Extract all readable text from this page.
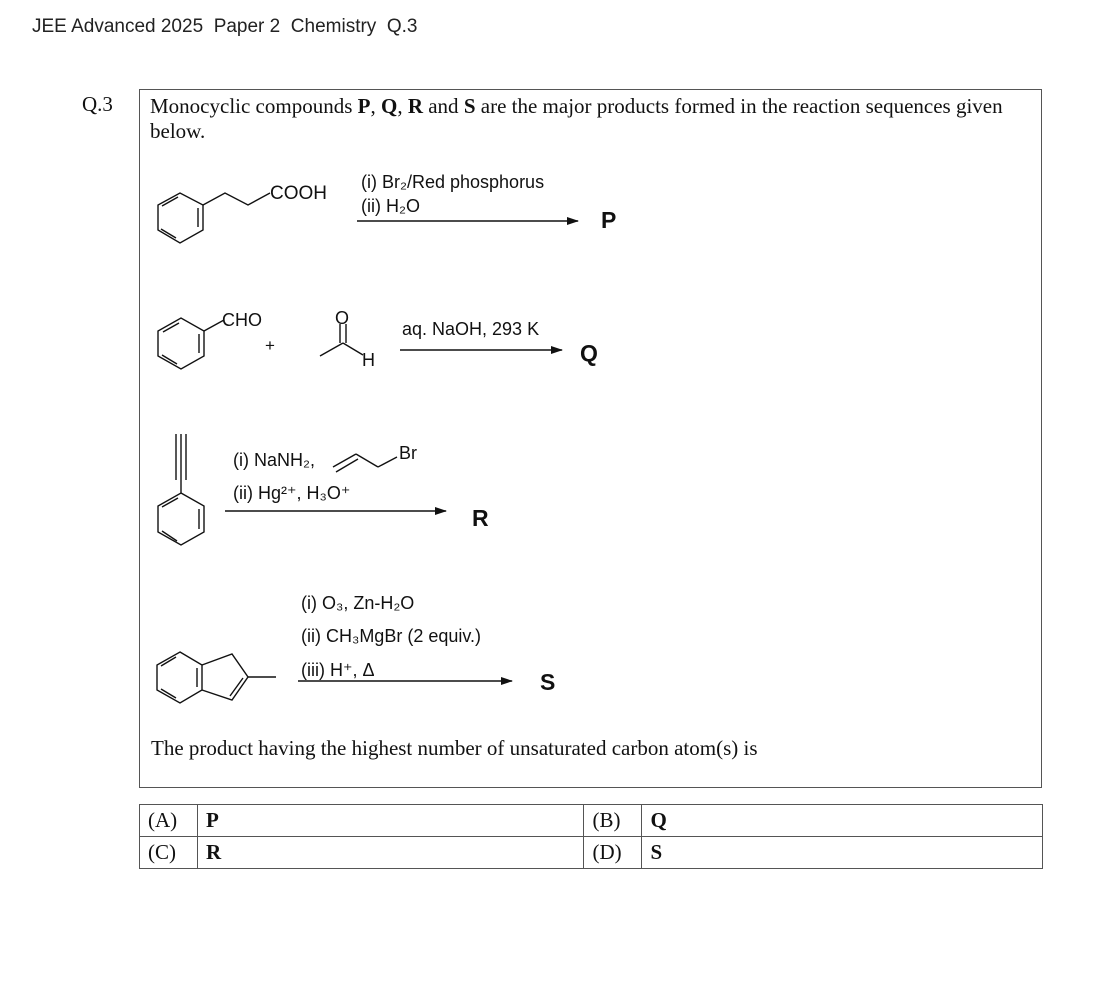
JEE Advanced 2025  Paper 2  Chemistry  Q.3
Q.3 Monocyclic compounds P, Q, R and S are the major products formed in the reaction sequences given below.
COOH
(i) Br₂/Red phosphorus
(ii) H₂O
P
CHO
+
O
H
aq. NaOH, 293 K
Q
(i) NaNH₂,	Br
(ii) Hg²⁺, H₃O⁺
R
(i) O₃, Zn-H₂O
(ii) CH₃MgBr (2 equiv.)
(iii) H⁺, Δ	S
The product having the highest number of unsaturated carbon atom(s) is
(A)	P	(B)	Q
(C)	R	(D)	S
